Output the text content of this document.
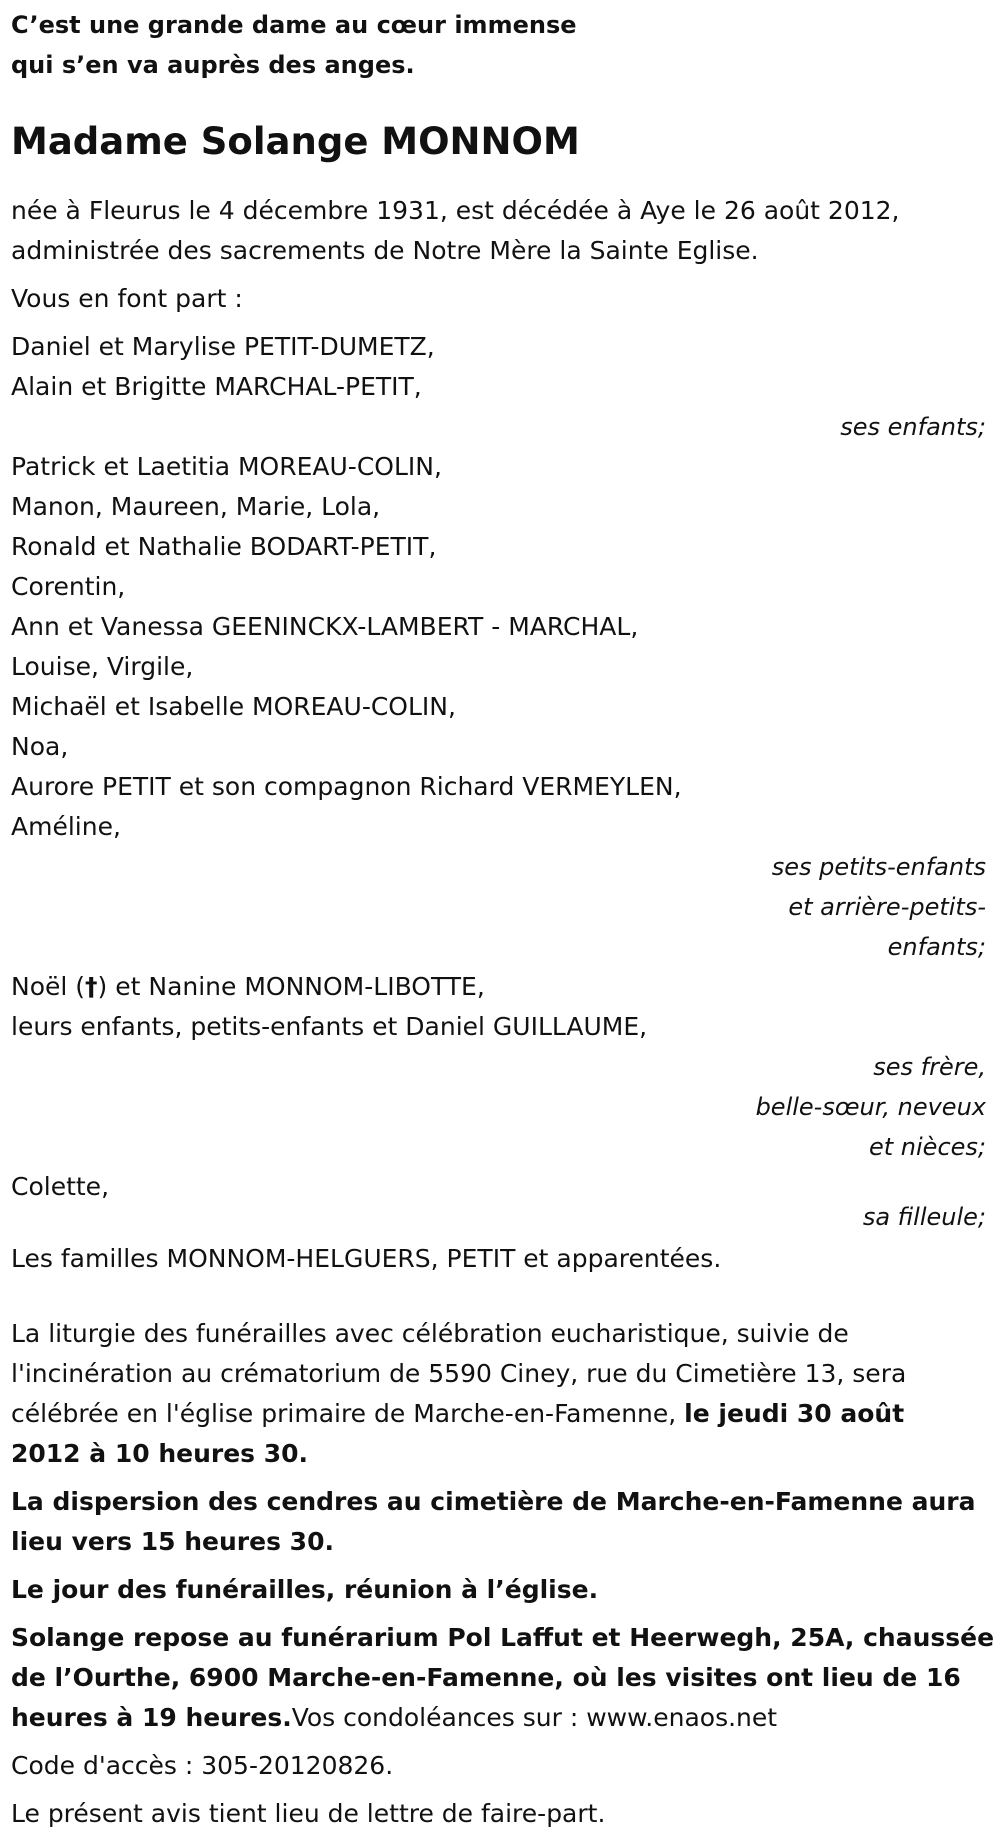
C’est une grande dame au cœur immense
qui s’en va auprès des anges.
Madame Solange MONNOM
née à Fleurus le 4 décembre 1931, est décédée à Aye le 26 août 2012,
administrée des sacrements de Notre Mère la Sainte Eglise.
Vous en font part :
Daniel et Marylise PETIT-DUMETZ,
Alain et Brigitte MARCHAL-PETIT,
ses enfants;
Patrick et Laetitia MOREAU-COLIN,
Manon, Maureen, Marie, Lola,
Ronald et Nathalie BODART-PETIT,
Corentin,
Ann et Vanessa GEENINCKX-LAMBERT - MARCHAL,
Louise, Virgile,
Michaël et Isabelle MOREAU-COLIN,
Noa,
Aurore PETIT et son compagnon Richard VERMEYLEN,
Améline,
ses petits-enfants
et arrière-petits-
enfants;
Noël (†) et Nanine MONNOM-LIBOTTE,
leurs enfants, petits-enfants et Daniel GUILLAUME,
ses frère,
belle-sœur, neveux
et nièces;
Colette,
sa filleule;
Les familles MONNOM-HELGUERS, PETIT et apparentées.
La liturgie des funérailles avec célébration eucharistique, suivie de
l'incinération au crématorium de 5590 Ciney, rue du Cimetière 13, sera
célébrée en l'église primaire de Marche-en-Famenne, le jeudi 30 août
2012 à 10 heures 30.
La dispersion des cendres au cimetière de Marche-en-Famenne aura
lieu vers 15 heures 30.
Le jour des funérailles, réunion à l’église.
Solange repose au funérarium Pol Laffut et Heerwegh, 25A, chaussée
de l’Ourthe, 6900 Marche-en-Famenne, où les visites ont lieu de 16
heures à 19 heures.Vos condoléances sur : www.enaos.net
Code d'accès : 305-20120826.
Le présent avis tient lieu de lettre de faire-part.
